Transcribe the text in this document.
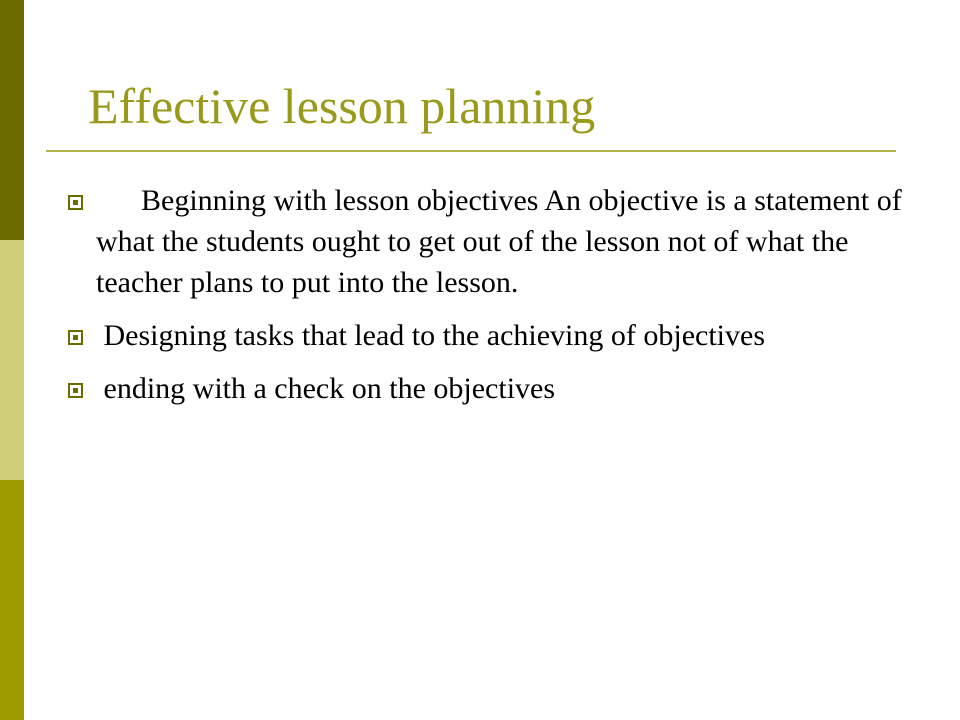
Effective lesson planning
Beginning with lesson objectives An objective is a statement of what the students ought to get out of the lesson not of what the teacher plans to put into the lesson.
Designing tasks that lead to the achieving of objectives
ending with a check on the objectives
